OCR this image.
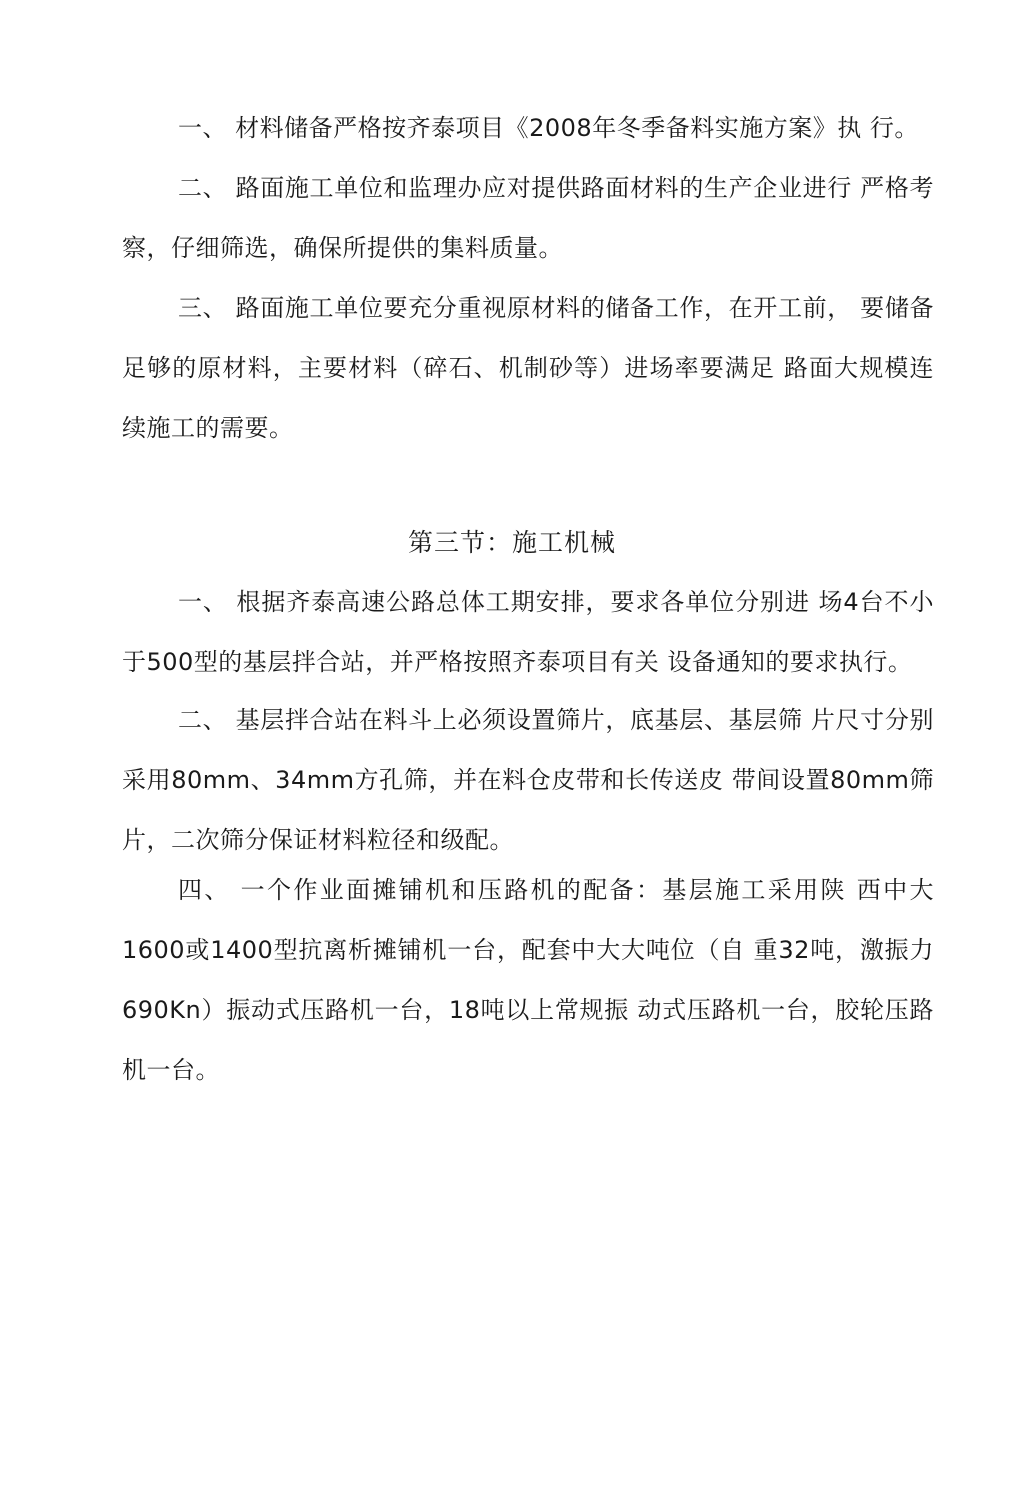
一、 材料储备严格按齐泰项目《2008年冬季备料实施方案》执 行。

二、 路面施工单位和监理办应对提供路面材料的生产企业进行 严格考察，仔细筛选，确保所提供的集料质量。

三、 路面施工单位要充分重视原材料的储备工作，在开工前， 要储备足够的原材料，主要材料（碎石、机制砂等）进场率要满足 路面大规模连续施工的需要。

第三节：施工机械

一、 根据齐泰高速公路总体工期安排，要求各单位分别进 场4台不小于500型的基层拌合站，并严格按照齐泰项目有关 设备通知的要求执行。

二、 基层拌合站在料斗上必须设置筛片，底基层、基层筛 片尺寸分别采用80mm、34mm方孔筛，并在料仓皮带和长传送皮 带间设置80mm筛片，二次筛分保证材料粒径和级配。

四、 一个作业面摊铺机和压路机的配备：基层施工采用陕 西中大1600或1400型抗离析摊铺机一台，配套中大大吨位（自 重32吨，激振力690Kn）振动式压路机一台，18吨以上常规振 动式压路机一台，胶轮压路机一台。
